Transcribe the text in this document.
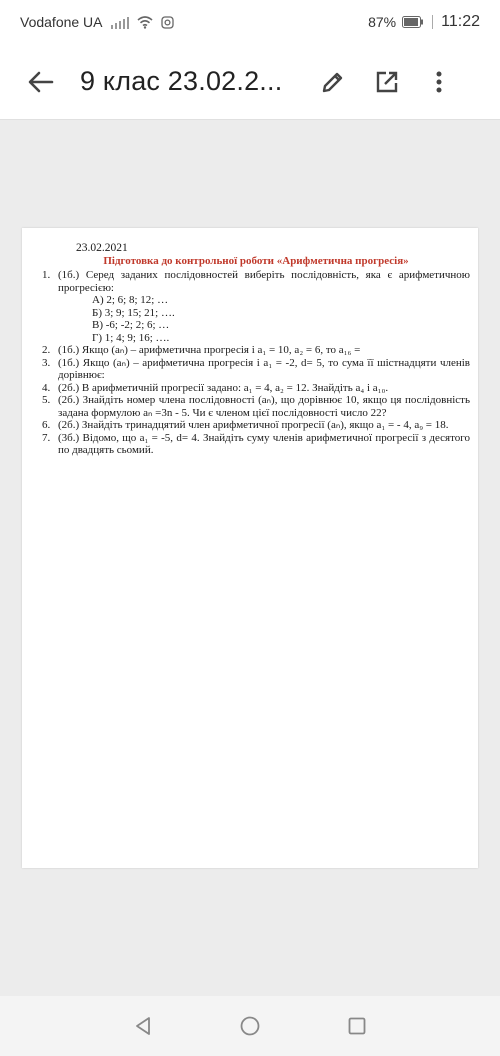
Vodafone UA	87%	11:22
9 клас 23.02.2...
23.02.2021
Підготовка до контрольної роботи «Арифметична прогресія»
1. (1б.) Серед заданих послідовностей виберіть послідовність, яка є арифметичною прогресією:
А) 2; 6; 8; 12; …
Б) 3; 9; 15; 21; ….
В) -6; -2; 2; 6; …
Г) 1; 4; 9; 16; ….
2. (1б.) Якщо (aₙ) – арифметична прогресія і a₁ = 10, a₂ = 6, то a₁₆ =
3. (1б.) Якщо (aₙ) – арифметична прогресія і a₁ = -2, d= 5, то сума її шістнадцяти членів дорівнює:
4. (2б.) В арифметичній прогресії задано: a₁ = 4, a₂ = 12. Знайдіть a₄ і a₁₀.
5. (2б.) Знайдіть номер члена послідовності (aₙ), що дорівнює 10, якщо ця послідовність задана формулою aₙ =3n - 5. Чи є членом цієї послідовності число 22?
6. (2б.) Знайдіть тринадцятий член арифметичної прогресії (aₙ), якщо a₁ = - 4, a₉ = 18.
7. (3б.) Відомо, що a₁ = -5, d= 4. Знайдіть суму членів арифметичної прогресії з десятого по двадцять сьомий.
